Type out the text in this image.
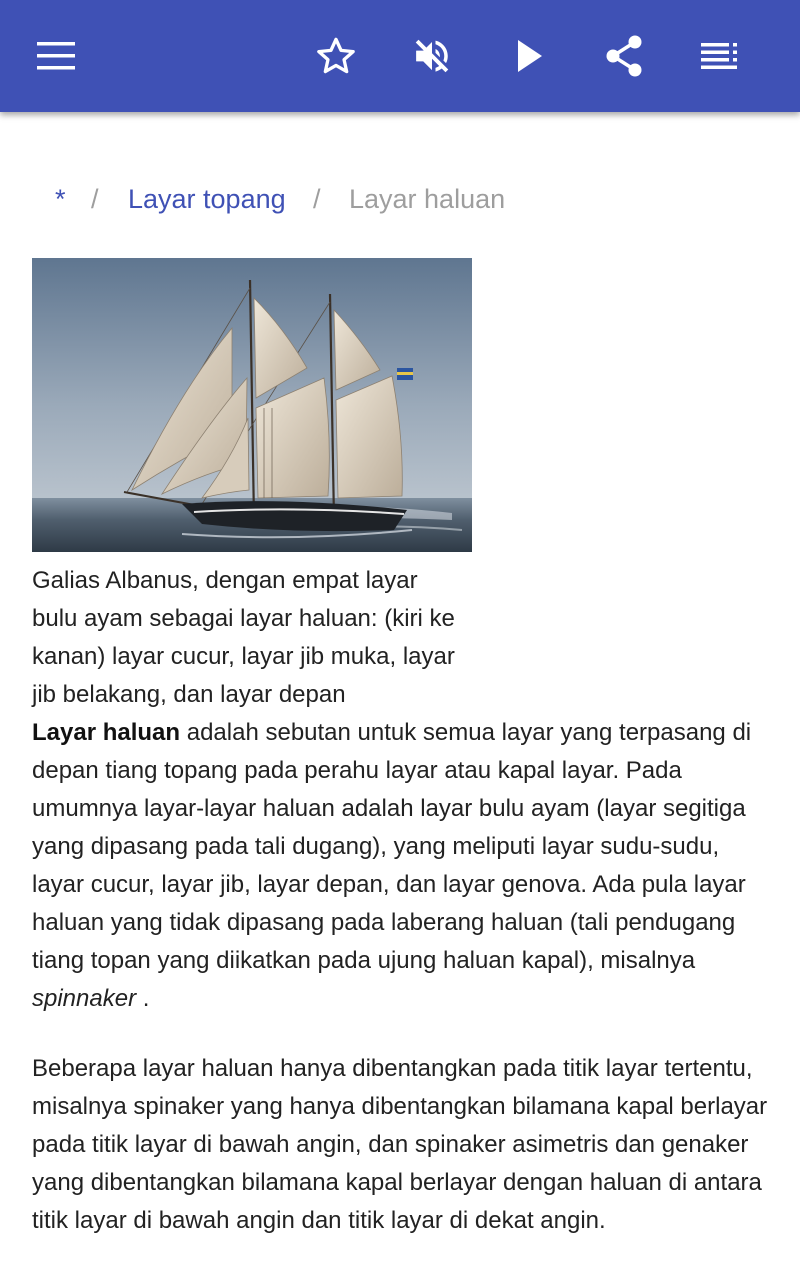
* / Layar topang / Layar haluan
Galias Albanus, dengan empat layar bulu ayam sebagai layar haluan: (kiri ke kanan) layar cucur, layar jib muka, layar jib belakang, dan layar depan
Layar haluan adalah sebutan untuk semua layar yang terpasang di depan tiang topang pada perahu layar atau kapal layar. Pada umumnya layar-layar haluan adalah layar bulu ayam (layar segitiga yang dipasang pada tali dugang), yang meliputi layar sudu-sudu, layar cucur, layar jib, layar depan, dan layar genova. Ada pula layar haluan yang tidak dipasang pada laberang haluan (tali pendugang tiang topan yang diikatkan pada ujung haluan kapal), misalnya spinnaker .
Beberapa layar haluan hanya dibentangkan pada titik layar tertentu, misalnya spinaker yang hanya dibentangkan bilamana kapal berlayar pada titik layar di bawah angin, dan spinaker asimetris dan genaker yang dibentangkan bilamana kapal berlayar dengan haluan di antara titik layar di bawah angin dan titik layar di dekat angin.
